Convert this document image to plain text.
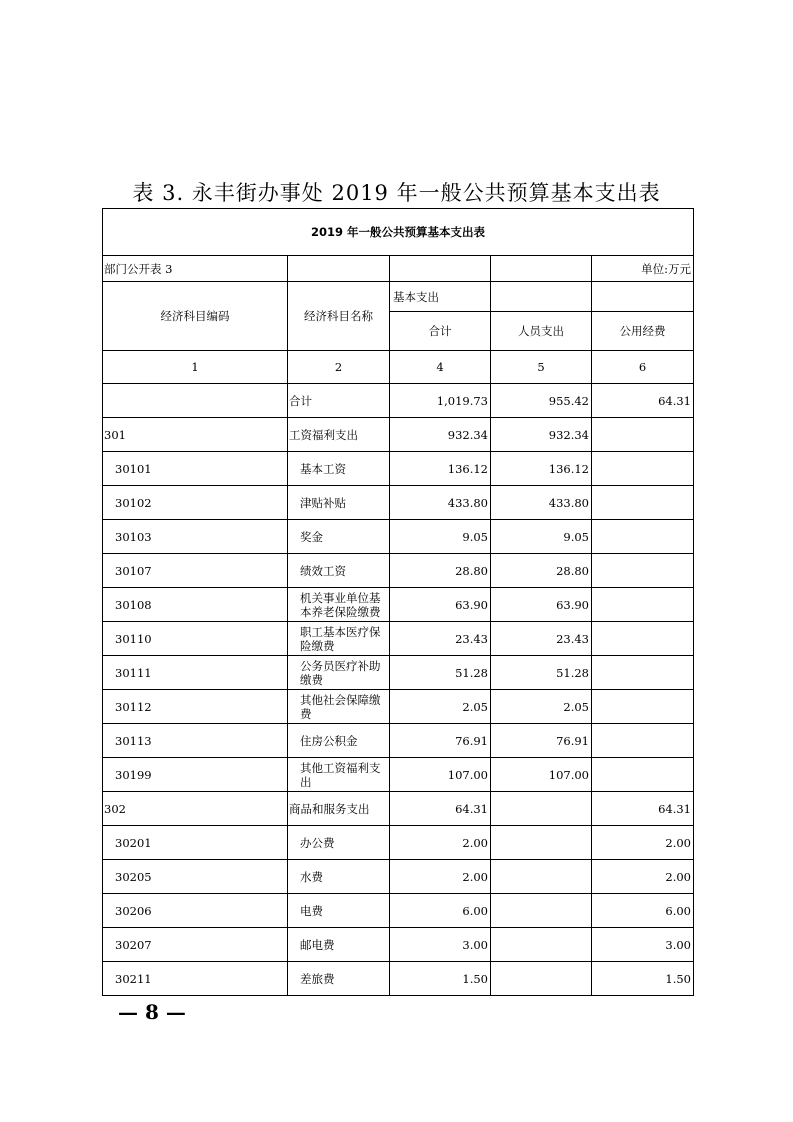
表 3. 永丰街办事处 2019 年一般公共预算基本支出表
2019 年一般公共预算基本支出表				
部门公开表 3				单位:万元
经济科目编码	经济科目名称	基本支出		
		合计	人员支出	公用经费
1	2	4	5	6
	合计	1,019.73	955.42	64.31
301	工资福利支出	932.34	932.34	
30101	基本工资	136.12	136.12	
30102	津贴补贴	433.80	433.80	
30103	奖金	9.05	9.05	
30107	绩效工资	28.80	28.80	
30108	机关事业单位基本养老保险缴费	63.90	63.90	
30110	职工基本医疗保险缴费	23.43	23.43	
30111	公务员医疗补助缴费	51.28	51.28	
30112	其他社会保障缴费	2.05	2.05	
30113	住房公积金	76.91	76.91	
30199	其他工资福利支出	107.00	107.00	
302	商品和服务支出	64.31		64.31
30201	办公费	2.00		2.00
30205	水费	2.00		2.00
30206	电费	6.00		6.00
30207	邮电费	3.00		3.00
30211	差旅费	1.50		1.50
— 8 —
